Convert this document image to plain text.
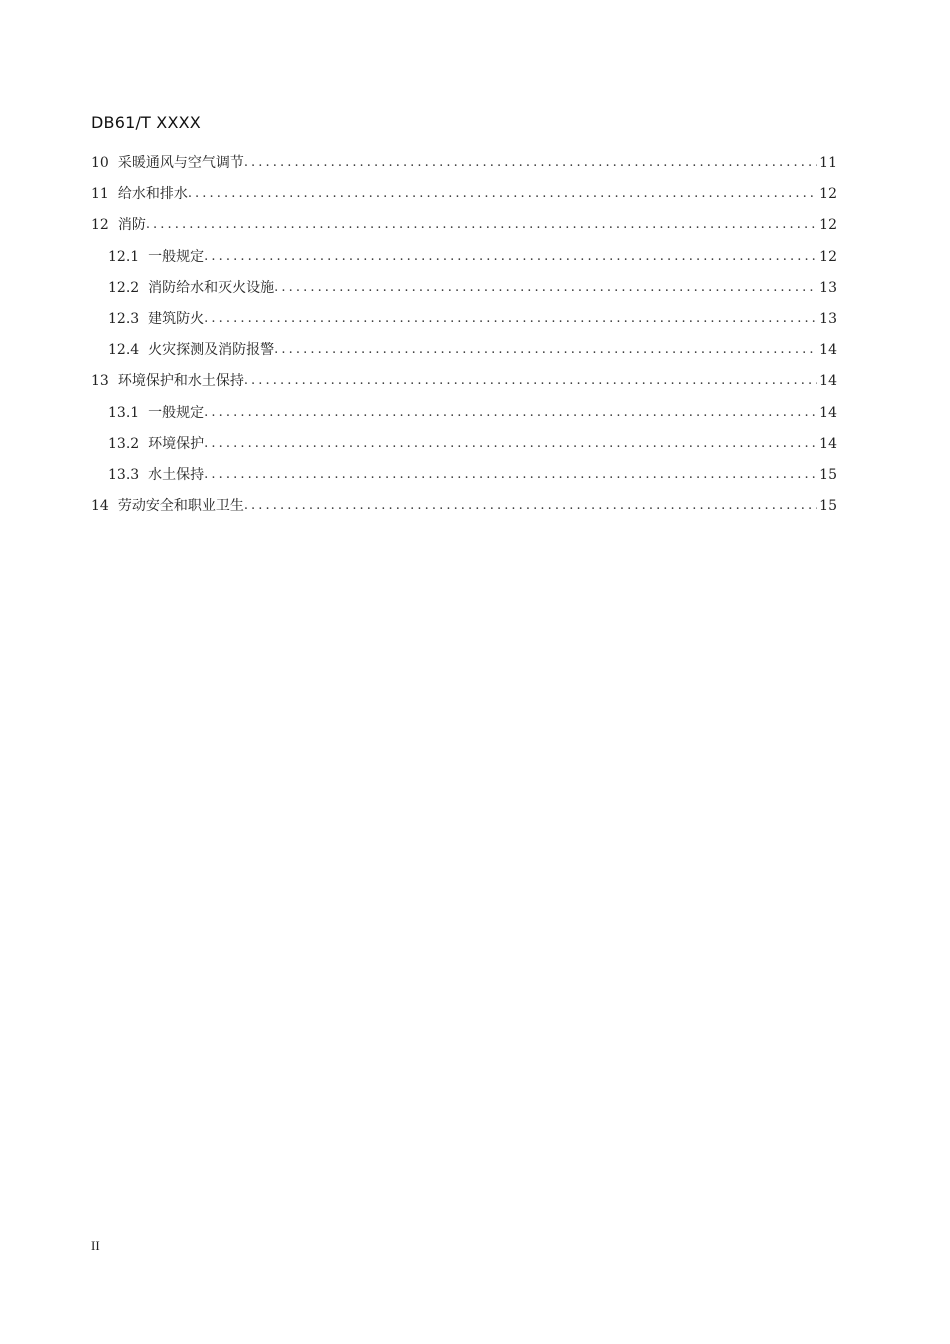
DB61/T XXXX
10 采暖通风与空气调节 .....	11
11 给水和排水 .....	12
12 消防 .....	12
12.1 一般规定 .....	12
12.2 消防给水和灭火设施 .....	13
12.3 建筑防火 .....	13
12.4 火灾探测及消防报警 .....	14
13 环境保护和水土保持 .....	14
13.1 一般规定 .....	14
13.2 环境保护 .....	14
13.3 水土保持 .....	15
14 劳动安全和职业卫生 .....	15
II
